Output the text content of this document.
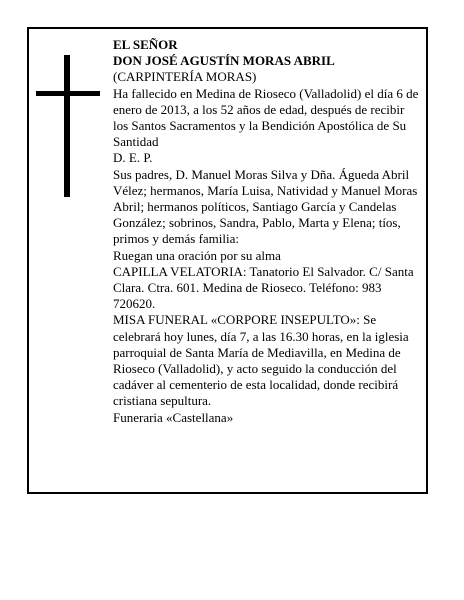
EL SEÑOR

DON JOSÉ AGUSTÍN MORAS ABRIL

(CARPINTERÍA MORAS)

Ha fallecido en Medina de Rioseco (Valladolid) el día 6 de enero de 2013, a los 52 años de edad, después de recibir los Santos Sacramentos y la Bendición Apostólica de Su Santidad

D. E. P.

Sus padres, D. Manuel Moras Silva y Dña. Águeda Abril Vélez; hermanos, María Luisa, Natividad y Manuel Moras Abril; hermanos políticos, Santiago García y Candelas González; sobrinos, Sandra, Pablo, Marta y Elena; tíos, primos y demás familia:

Ruegan una oración por su alma

CAPILLA VELATORIA: Tanatorio El Salvador. C/ Santa Clara. Ctra. 601. Medina de Rioseco. Teléfono: 983 720620.

MISA FUNERAL «CORPORE INSEPULTO»: Se celebrará hoy lunes, día 7, a las 16.30 horas, en la iglesia parroquial de Santa María de Mediavilla, en Medina de Rioseco (Valladolid), y acto seguido la conducción del cadáver al cementerio de esta localidad, donde recibirá cristiana sepultura.

Funeraria «Castellana»
